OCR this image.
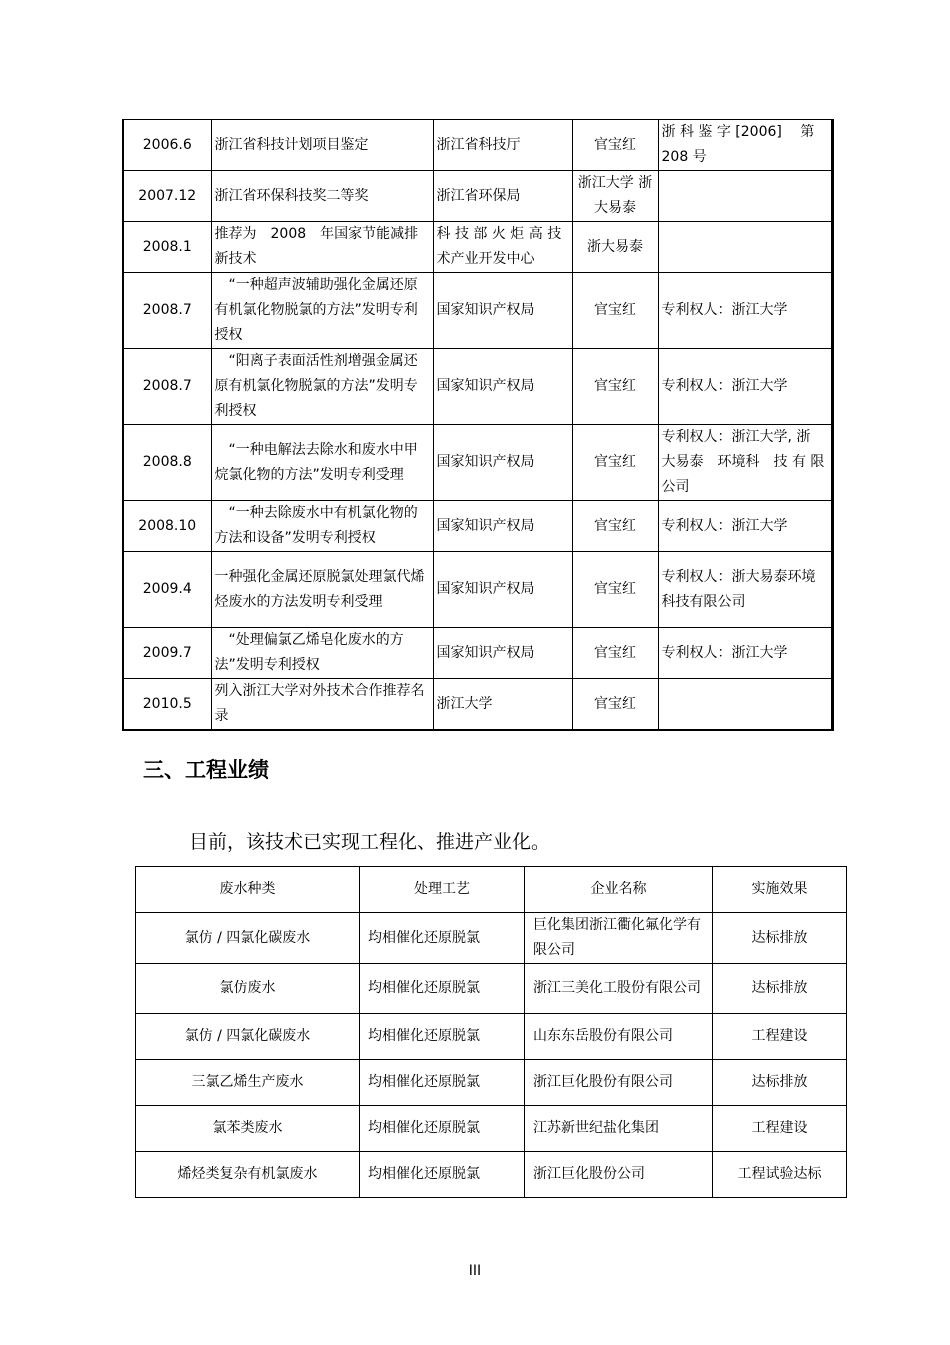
2006.6	浙江省科技计划项目鉴定	浙江省科技厅	官宝红	浙 科 鉴 字 [2006]　 第 208 号
2007.12	浙江省环保科技奖二等奖	浙江省环保局	浙江大学 浙大易泰	
2008.1	推荐为　2008　年国家节能减排新技术	科 技 部 火 炬 高 技 术产业开发中心	浙大易泰	
2008.7	　“一种超声波辅助强化金属还原有机氯化物脱氯的方法”发明专利授权	国家知识产权局	官宝红	专利权人：浙江大学
2008.7	　“阳离子表面活性剂增强金属还原有机氯化物脱氯的方法”发明专利授权	国家知识产权局	官宝红	专利权人：浙江大学
2008.8	　“一种电解法去除水和废水中甲烷氯化物的方法”发明专利受理	国家知识产权局	官宝红	专利权人：浙江大学, 浙 大易泰　环境科　技 有 限公司
2008.10	　“一种去除废水中有机氯化物的方法和设备”发明专利授权	国家知识产权局	官宝红	专利权人：浙江大学
2009.4	一种强化金属还原脱氯处理氯代烯烃废水的方法发明专利受理	国家知识产权局	官宝红	专利权人：浙大易泰环境科技有限公司
2009.7	　“处理偏氯乙烯皂化废水的方法”发明专利授权	国家知识产权局	官宝红	专利权人：浙江大学
2010.5	列入浙江大学对外技术合作推荐名录	浙江大学	官宝红	
三、工程业绩

目前，该技术已实现工程化、推进产业化。

废水种类	处理工艺	企业名称	实施效果
氯仿 / 四氯化碳废水	均相催化还原脱氯	巨化集团浙江衢化氟化学有限公司	达标排放
氯仿废水	均相催化还原脱氯	浙江三美化工股份有限公司	达标排放
氯仿 / 四氯化碳废水	均相催化还原脱氯	山东东岳股份有限公司	工程建设
三氯乙烯生产废水	均相催化还原脱氯	浙江巨化股份有限公司	达标排放
氯苯类废水	均相催化还原脱氯	江苏新世纪盐化集团	工程建设
烯烃类复杂有机氯废水	均相催化还原脱氯	浙江巨化股份公司	工程试验达标

III
